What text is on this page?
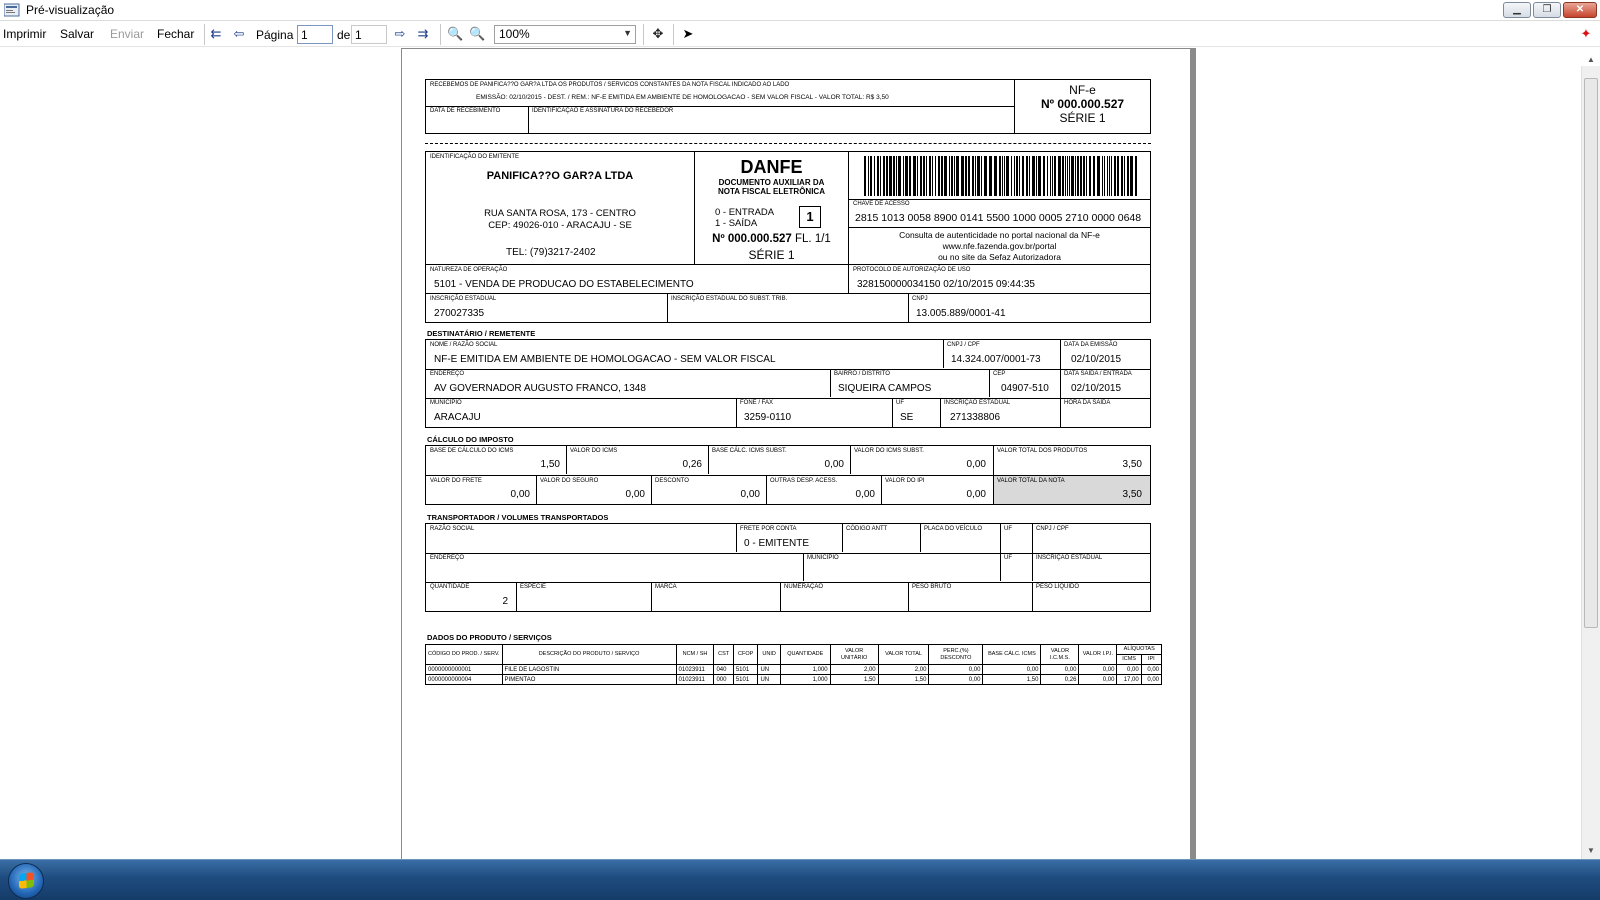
Pré-visualização	▁	❐	✕
Imprimir Salvar Enviar Fechar ⇇ ⇦ Página
1	de
1	⇨ ⇉ 🔍 🔍	100%	▼ ✥ ➤	✦
RECEBEMOS DE PANIFICA??O GAR?A LTDA OS PRODUTOS / SERVICOS CONSTANTES DA NOTA FISCAL INDICADO AO LADO
EMISSÃO: 02/10/2015 - DEST. / REM.: NF-E EMITIDA EM AMBIENTE DE HOMOLOGACAO - SEM VALOR FISCAL - VALOR TOTAL: R$ 3,50
DATA DE RECEBIMENTO	IDENTIFICAÇÃO E ASSINATURA DO RECEBEDOR
NF-e
Nº 000.000.527
SÉRIE 1
IDENTIFICAÇÃO DO EMITENTE
PANIFICA??O GAR?A LTDA
RUA SANTA ROSA, 173 - CENTRO
CEP: 49026-010 - ARACAJU - SE
TEL: (79)3217-2402
DANFE
DOCUMENTO AUXILIAR DA
NOTA FISCAL ELETRÔNICA
0 - ENTRADA
1 - SAÍDA	1
Nº 000.000.527 FL. 1/1
SÉRIE 1
CHAVE DE ACESSO
2815 1013 0058 8900 0141 5500 1000 0005 2710 0000 0648
Consulta de autenticidade no portal nacional da NF-e
www.nfe.fazenda.gov.br/portal
ou no site da Sefaz Autorizadora
NATUREZA DE OPERAÇÃO
5101 - VENDA DE PRODUCAO DO ESTABELECIMENTO
PROTOCOLO DE AUTORIZAÇÃO DE USO
328150000034150 02/10/2015 09:44:35
INSCRIÇÃO ESTADUAL
270027335
INSCRIÇÃO ESTADUAL DO SUBST. TRIB.	CNPJ
13.005.889/0001-41
DESTINATÁRIO / REMETENTE
NOME / RAZÃO SOCIAL
NF-E EMITIDA EM AMBIENTE DE HOMOLOGACAO - SEM VALOR FISCAL
CNPJ / CPF
14.324.007/0001-73
DATA DA EMISSÃO
02/10/2015
ENDEREÇO
AV GOVERNADOR AUGUSTO FRANCO, 1348
BAIRRO / DISTRITO
SIQUEIRA CAMPOS
CEP
04907-510
DATA SAÍDA / ENTRADA
02/10/2015
MUNICÍPIO
ARACAJU
FONE / FAX
3259-0110
UF
SE
INSCRIÇÃO ESTADUAL
271338806
HORA DA SAÍDA
CÁLCULO DO IMPOSTO
BASE DE CÁLCULO DO ICMS
1,50
VALOR DO ICMS
0,26
BASE CÁLC. ICMS SUBST.
0,00
VALOR DO ICMS SUBST.
0,00
VALOR TOTAL DOS PRODUTOS
3,50
VALOR DO FRETE
0,00
VALOR DO SEGURO
0,00
DESCONTO
0,00
OUTRAS DESP. ACESS.
0,00
VALOR DO IPI
0,00
VALOR TOTAL DA NOTA
3,50
TRANSPORTADOR / VOLUMES TRANSPORTADOS
RAZÃO SOCIAL	FRETE POR CONTA
0 - EMITENTE
CÓDIGO ANTT	PLACA DO VEÍCULO	UF	CNPJ / CPF
ENDEREÇO	MUNICÍPIO	UF	INSCRIÇÃO ESTADUAL
QUANTIDADE
2
ESPÉCIE	MARCA	NUMERAÇÃO	PESO BRUTO	PESO LÍQUIDO
DADOS DO PRODUTO / SERVIÇOS
CÓDIGO DO PROD. / SERV.	DESCRIÇÃO DO PRODUTO / SERVIÇO	NCM / SH	CST	CFOP	UNID	QUANTIDADE	VALOR UNITÁRIO	VALOR TOTAL	PERC.(%) DESCONTO	BASE CÁLC. ICMS	VALOR I.C.M.S.	VALOR I.P.I.	ALÍQUOTAS	
													ICMS	IPI
0000000000001	FILE DE LAGOSTIN	01023911	040	5101	UN	1,000	2,00	2,00	0,00	0,00	0,00	0,00	0,00	0,00
0000000000004	PIMENTAO	01023911	000	5101	UN	1,000	1,50	1,50	0,00	1,50	0,26	0,00	17,00	0,00
▲
▼
